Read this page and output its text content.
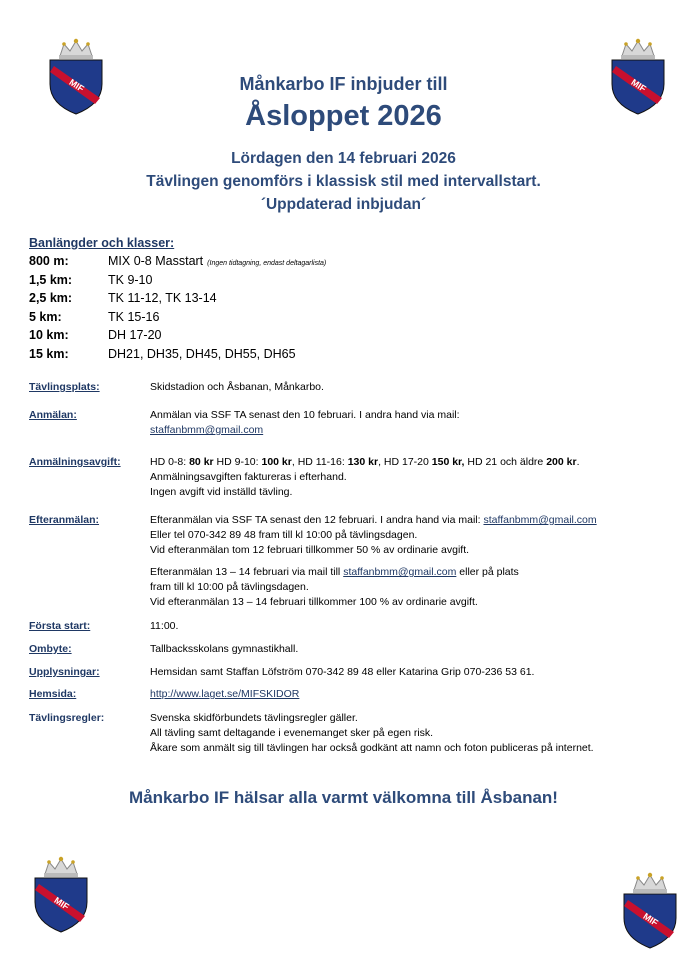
MIF	MIF
MIF
MIF
Månkarbo IF inbjuder till
Åsloppet 2026
Lördagen den 14 februari 2026
Tävlingen genomförs i klassisk stil med intervallstart.
´Uppdaterad inbjudan´
Banlängder och klasser:
800 m:	MIX 0-8 Masstart (Ingen tidtagning, endast deltagarlista)
1,5 km:	TK 9-10
2,5 km:	TK 11-12, TK 13-14
5 km:	TK 15-16
10 km:	DH 17-20
15 km:	DH21, DH35, DH45, DH55, DH65
Tävlingsplats:	Skidstadion och Åsbanan, Månkarbo.
Anmälan:	Anmälan via SSF TA senast den 10 februari. I andra hand via mail:
staffanbmm@gmail.com
Anmälningsavgift:	HD 0-8: 80 kr HD 9-10: 100 kr, HD 11-16: 130 kr, HD 17-20 150 kr, HD 21 och äldre 200 kr.
Anmälningsavgiften faktureras i efterhand.
Ingen avgift vid inställd tävling.
Efteranmälan:	Efteranmälan via SSF TA senast den 12 februari. I andra hand via mail: staffanbmm@gmail.com
Eller tel 070-342 89 48 fram till kl 10:00 på tävlingsdagen.
Vid efteranmälan tom 12 februari tillkommer 50 % av ordinarie avgift.
Efteranmälan 13 – 14 februari via mail till staffanbmm@gmail.com eller på plats
fram till kl 10:00 på tävlingsdagen.
Vid efteranmälan 13 – 14 februari tillkommer 100 % av ordinarie avgift.
Första start:	11:00.
Ombyte:	Tallbacksskolans gymnastikhall.
Upplysningar:	Hemsidan samt Staffan Löfström 070-342 89 48 eller Katarina Grip 070-236 53 61.
Hemsida:	http://www.laget.se/MIFSKIDOR
Tävlingsregler:	Svenska skidförbundets tävlingsregler gäller.
All tävling samt deltagande i evenemanget sker på egen risk.
Åkare som anmält sig till tävlingen har också godkänt att namn och foton publiceras på internet.
Månkarbo IF hälsar alla varmt välkomna till Åsbanan!
